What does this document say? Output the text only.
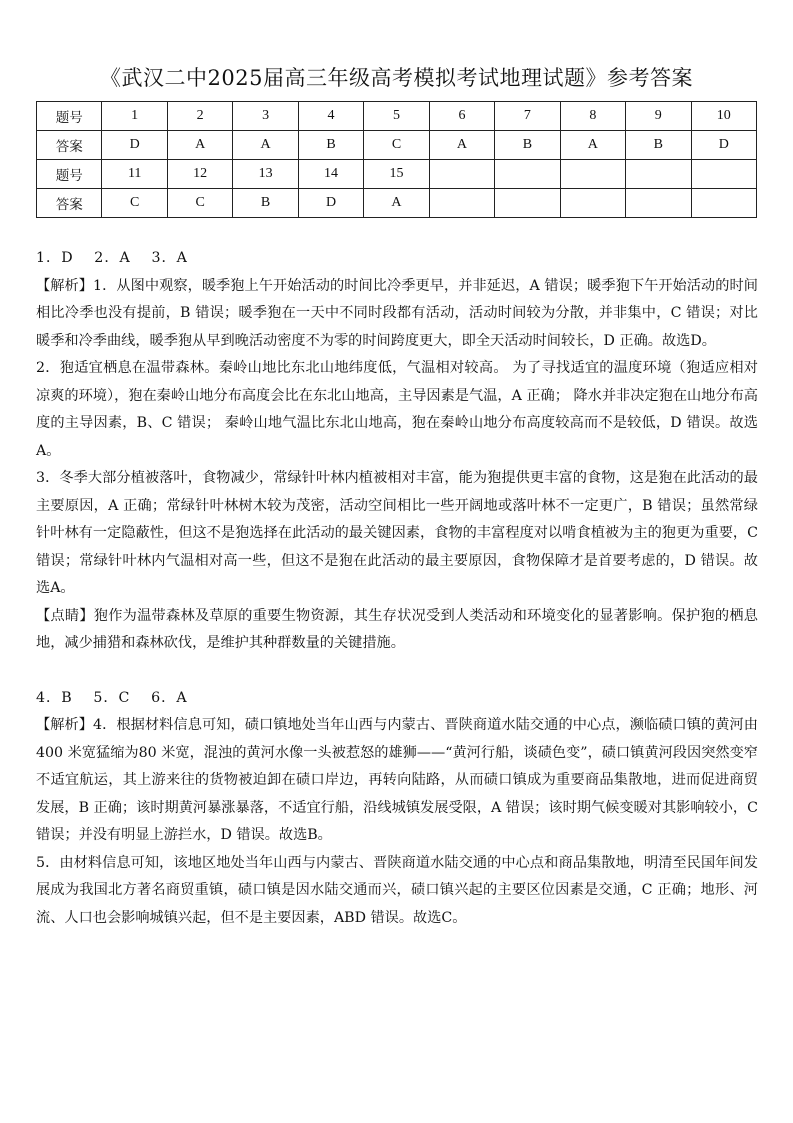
《武汉二中2025届高三年级高考模拟考试地理试题》参考答案
题号	1	2	3	4	5	6	7	8	9	10
答案	D	A	A	B	C	A	B	A	B	D
题号	11	12	13	14	15					
答案	C	C	B	D	A					

1．D　 2．A　 3．A

【解析】1．从图中观察，暖季狍上午开始活动的时间比冷季更早，并非延迟，A 错误；暖季狍下午开始活动的时间相比冷季也没有提前，B 错误；暖季狍在一天中不同时段都有活动，活动时间较为分散，并非集中，C 错误；对比暖季和冷季曲线，暖季狍从早到晚活动密度不为零的时间跨度更大，即全天活动时间较长，D 正确。故选D。

2．狍适宜栖息在温带森林。秦岭山地比东北山地纬度低，气温相对较高。 为了寻找适宜的温度环境（狍适应相对凉爽的环境），狍在秦岭山地分布高度会比在东北山地高，主导因素是气温，A 正确； 降水并非决定狍在山地分布高度的主导因素，B、C 错误； 秦岭山地气温比东北山地高，狍在秦岭山地分布高度较高而不是较低，D 错误。故选A。

3．冬季大部分植被落叶，食物减少，常绿针叶林内植被相对丰富，能为狍提供更丰富的食物，这是狍在此活动的最主要原因，A 正确；常绿针叶林树木较为茂密，活动空间相比一些开阔地或落叶林不一定更广，B 错误；虽然常绿针叶林有一定隐蔽性，但这不是狍选择在此活动的最关键因素，食物的丰富程度对以啃食植被为主的狍更为重要，C 错误；常绿针叶林内气温相对高一些，但这不是狍在此活动的最主要原因，食物保障才是首要考虑的，D 错误。故选A。

【点睛】狍作为温带森林及草原的重要生物资源，其生存状况受到人类活动和环境变化的显著影响。保护狍的栖息地，减少捕猎和森林砍伐，是维护其种群数量的关键措施。

4．B　 5．C　 6．A

【解析】4．根据材料信息可知，碛口镇地处当年山西与内蒙古、晋陕商道水陆交通的中心点，濒临碛口镇的黄河由400 米宽猛缩为80 米宽，混浊的黄河水像一头被惹怒的雄狮——“黄河行船，谈碛色变”，碛口镇黄河段因突然变窄不适宜航运，其上游来往的货物被迫卸在碛口岸边，再转向陆路，从而碛口镇成为重要商品集散地，进而促进商贸发展，B 正确；该时期黄河暴涨暴落，不适宜行船，沿线城镇发展受限，A 错误；该时期气候变暖对其影响较小，C 错误；并没有明显上游拦水，D 错误。故选B。

5．由材料信息可知，该地区地处当年山西与内蒙古、晋陕商道水陆交通的中心点和商品集散地，明清至民国年间发展成为我国北方著名商贸重镇，碛口镇是因水陆交通而兴，碛口镇兴起的主要区位因素是交通，C 正确；地形、河流、人口也会影响城镇兴起，但不是主要因素，ABD 错误。故选C。
